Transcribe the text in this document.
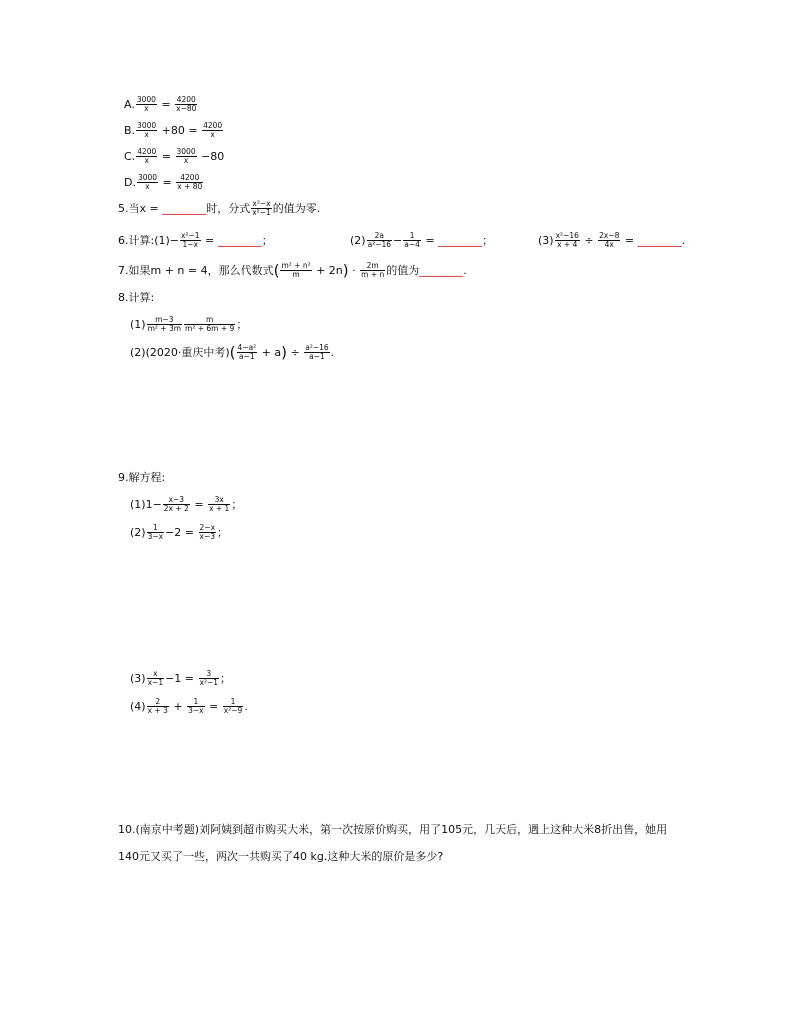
A. $\frac{3000}{x} = \frac{4200}{x-80}$
B. $\frac{3000}{x} +80 = \frac{4200}{x}$
C. $\frac{4200}{x} = \frac{3000}{x} -80$
D. $\frac{3000}{x} = \frac{4200}{x + 80}$
5.当x = ________时，分式 $\frac{\text{x²−x}}{\text{x²−1}}$ 的值为零.
6.计算:(1)− $\frac{\text{x²−1}}{1-x}$ = ________；	$(2) \frac{2a}{\text{a²−16}} - \frac{1}{a-4}$ = ________；	$(3) \frac{\text{x²−16}}{x + 4} \div \frac{2x-8}{4x}$ = ________.
7.如果m + n = 4，那么代数式( $\frac{\text{m² + n²}}{m} + 2n) \cdot \frac{2m}{m + n}$ 的值为________.
8.计算:
$(1) \frac{m-3}{\text{m² + 3m}} \frac{m}{\text{m² + 6m + 9}}$ ；
(2)(2020·重庆中考)( $\frac{\text{4−a²}}{a-1} + a) \div \frac{\text{a²−16}}{a-1}$ .
9.解方程:
$(1)1- \frac{x-3}{2x + 2} = \frac{3x}{x + 1}$ ；
$(2) \frac{1}{3-x} -2 = \frac{2-x}{x-3}$ ；
$(3) \frac{x}{x-1} -1 = \frac{3}{\text{x²−1}}$ ；
$(4) \frac{2}{x + 3} + \frac{1}{3-x} = \frac{1}{\text{x²−9}}$ .
10.(南京中考题)刘阿姨到超市购买大米，第一次按原价购买，用了105元，几天后，遇上这种大米8折出售，她用
140元又买了一些，两次一共购买了40 kg.这种大米的原价是多少?
